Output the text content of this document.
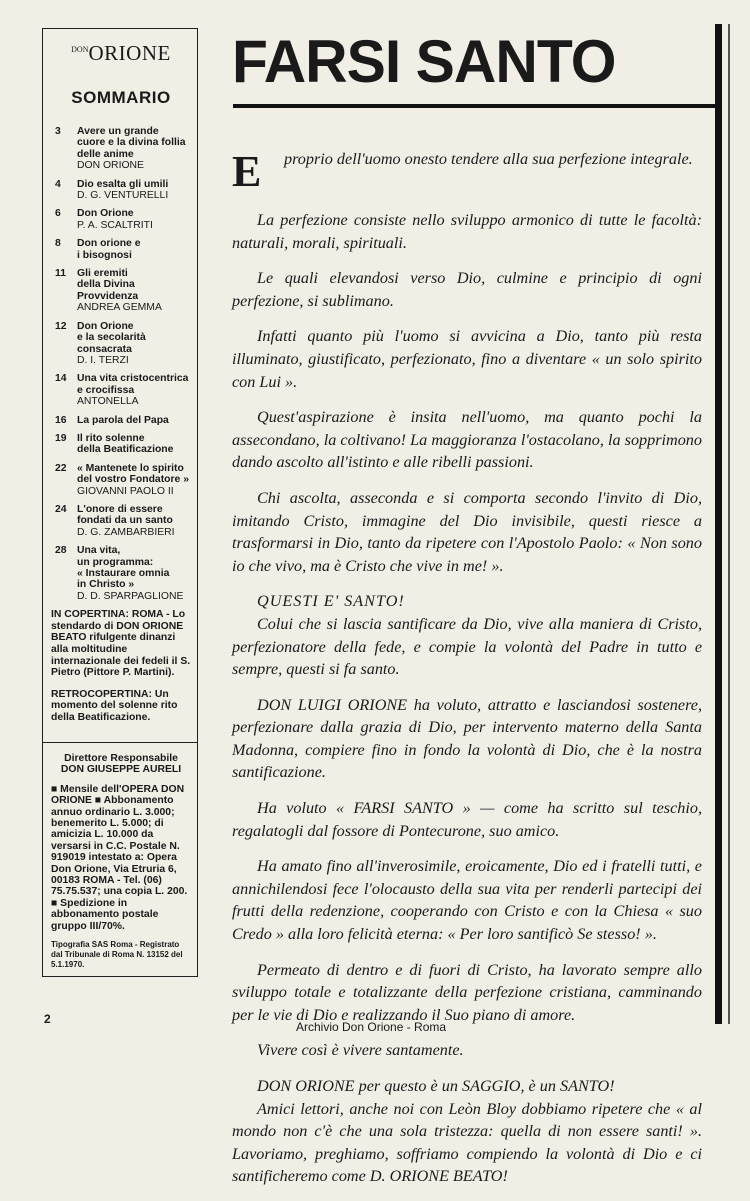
$^{DON}$ORIONE
SOMMARIO
3	Avere un grande
cuore e la divina follia
delle anime
DON ORIONE
4	Dio esalta gli umili
D. G. VENTURELLI
6	Don Orione
P. A. SCALTRITI
8	Don orione e
i bisognosi
11	Gli eremiti
della Divina
Provvidenza
ANDREA GEMMA
12	Don Orione
e la secolarità
consacrata
D. I. TERZI
14	Una vita cristocentrica
e crocifissa
ANTONELLA
16	La parola del Papa
19	Il rito solenne
della Beatificazione
22	« Mantenete lo spirito
del vostro Fondatore »
GIOVANNI PAOLO II
24	L'onore di essere
fondati da un santo
D. G. ZAMBARBIERI
28	Una vita,
un programma:
« Instaurare omnia
in Christo »
D. D. SPARPAGLIONE
IN COPERTINA: ROMA - Lo stendardo di DON ORIONE BEATO rifulgente dinanzi alla moltitudine internazionale dei fedeli il S. Pietro (Pittore P. Martini).
RETROCOPERTINA: Un momento del solenne rito della Beatificazione.
Direttore Responsabile
DON GIUSEPPE AURELI
■ Mensile dell'OPERA DON ORIONE ■ Abbonamento annuo ordinario L. 3.000; benemerito L. 5.000; di amicizia L. 10.000 da versarsi in C.C. Postale N. 919019 intestato a: Opera Don Orione, Via Etruria 6, 00183 ROMA - Tel. (06) 75.75.537; una copia L. 200. ■ Spedizione in abbonamento postale gruppo III/70%.
Tipografia SAS Roma - Registrato dal Tribunale di Roma N. 13152 del 5.1.1970.
FARSI SANTO

E proprio dell'uomo onesto tendere alla sua perfezione integrale.

La perfezione consiste nello sviluppo armonico di tutte le facoltà: naturali, morali, spirituali.

Le quali elevandosi verso Dio, culmine e principio di ogni perfezione, si sublimano.

Infatti quanto più l'uomo si avvicina a Dio, tanto più resta illuminato, giustificato, perfezionato, fino a diventare « un solo spirito con Lui ».

Quest'aspirazione è insita nell'uomo, ma quanto pochi la assecondano, la coltivano! La maggioranza l'ostacolano, la sopprimono dando ascolto all'istinto e alle ribelli passioni.

Chi ascolta, asseconda e si comporta secondo l'invito di Dio, imitando Cristo, immagine del Dio invisibile, questi riesce a trasformarsi in Dio, tanto da ripetere con l'Apostolo Paolo: « Non sono io che vivo, ma è Cristo che vive in me! ».

QUESTI E' SANTO!

Colui che si lascia santificare da Dio, vive alla maniera di Cristo, perfezionatore della fede, e compie la volontà del Padre in tutto e sempre, questi si fa santo.

DON LUIGI ORIONE ha voluto, attratto e lasciandosi sostenere, perfezionare dalla grazia di Dio, per intervento materno della Santa Madonna, compiere fino in fondo la volontà di Dio, che è la nostra santificazione.

Ha voluto « FARSI SANTO » — come ha scritto sul teschio, regalatogli dal fossore di Pontecurone, suo amico.

Ha amato fino all'inverosimile, eroicamente, Dio ed i fratelli tutti, e annichilendosi fece l'olocausto della sua vita per renderli partecipi dei frutti della redenzione, cooperando con Cristo e con la Chiesa « suo Credo » alla loro felicità eterna: « Per loro santificò Se stesso! ».

Permeato di dentro e di fuori di Cristo, ha lavorato sempre allo sviluppo totale e totalizzante della perfezione cristiana, camminando per le vie di Dio e realizzando il Suo piano di amore.

Vivere così è vivere santamente.

DON ORIONE per questo è un SAGGIO, è un SANTO!

Amici lettori, anche noi con Leòn Bloy dobbiamo ripetere che « al mondo non c'è che una sola tristezza: quella di non essere santi! ». Lavoriamo, preghiamo, soffriamo compiendo la volontà di Dio e ci santificheremo come D. ORIONE BEATO!

2
Archivio Don Orione - Roma
